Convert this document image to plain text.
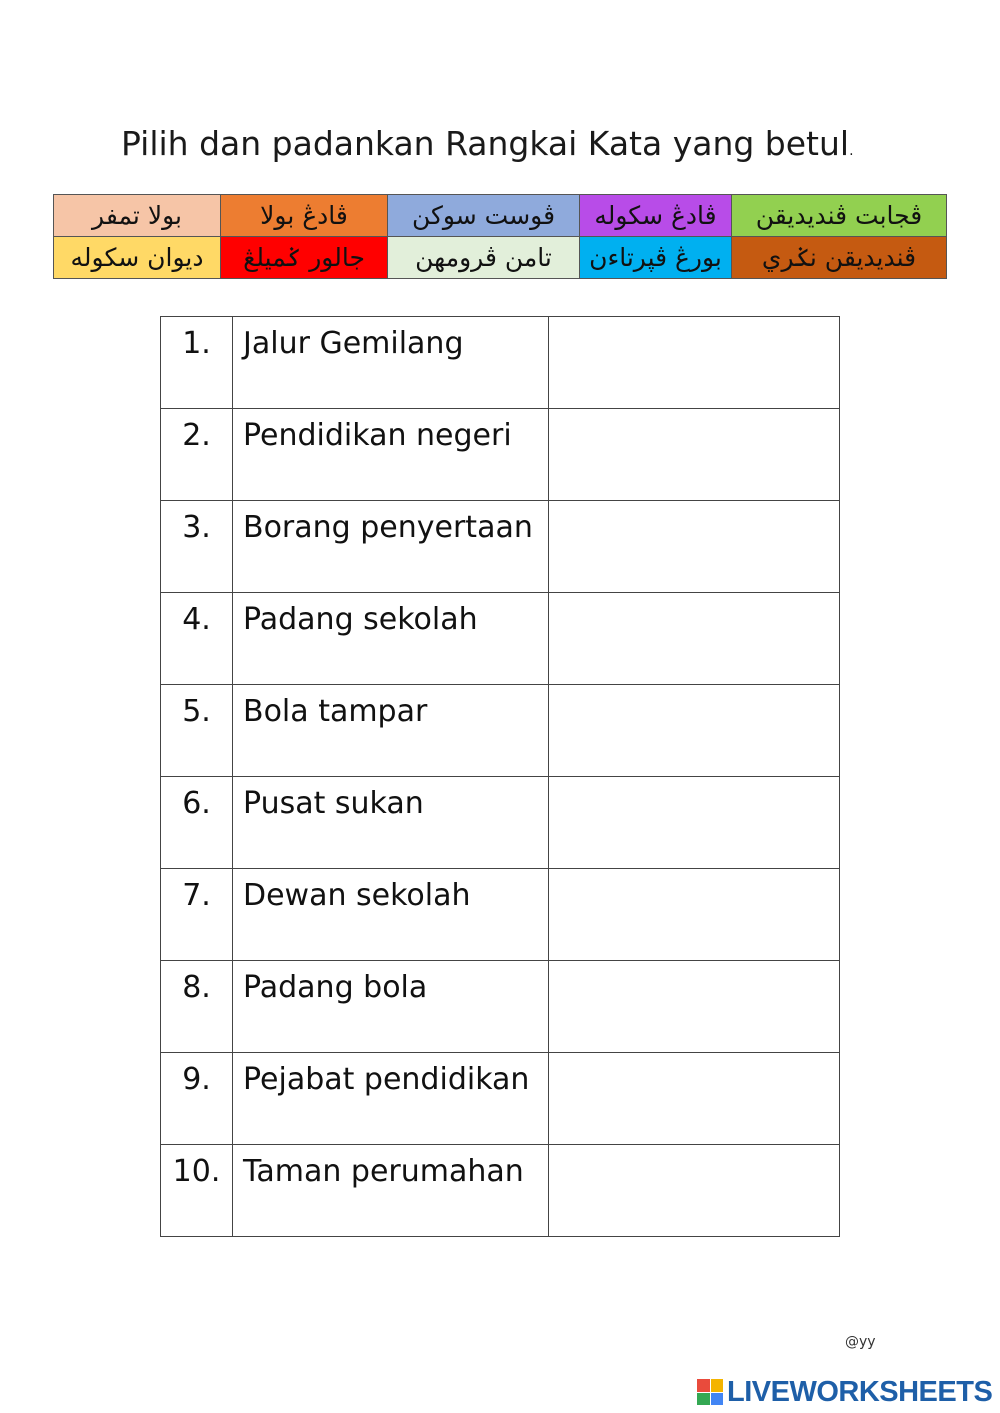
Pilih dan padankan Rangkai Kata yang betul.
بولا تمفر	ڤادڠ بولا	ڤوست سوكن	ڤادڠ سکوله	ڤجابت ڤنديديقن
ديوان سکوله	جالور ݢميلڠ	تامن ڤرومهن	بورڠ ڤڽرتاءن	ڤنديديقن نݢري
1.	Jalur Gemilang	
2.	Pendidikan negeri	
3.	Borang penyertaan	
4.	Padang sekolah	
5.	Bola tampar	
6.	Pusat sukan	
7.	Dewan sekolah	
8.	Padang bola	
9.	Pejabat pendidikan	
10.	Taman perumahan	
@yy
LIVEWORKSHEETS
